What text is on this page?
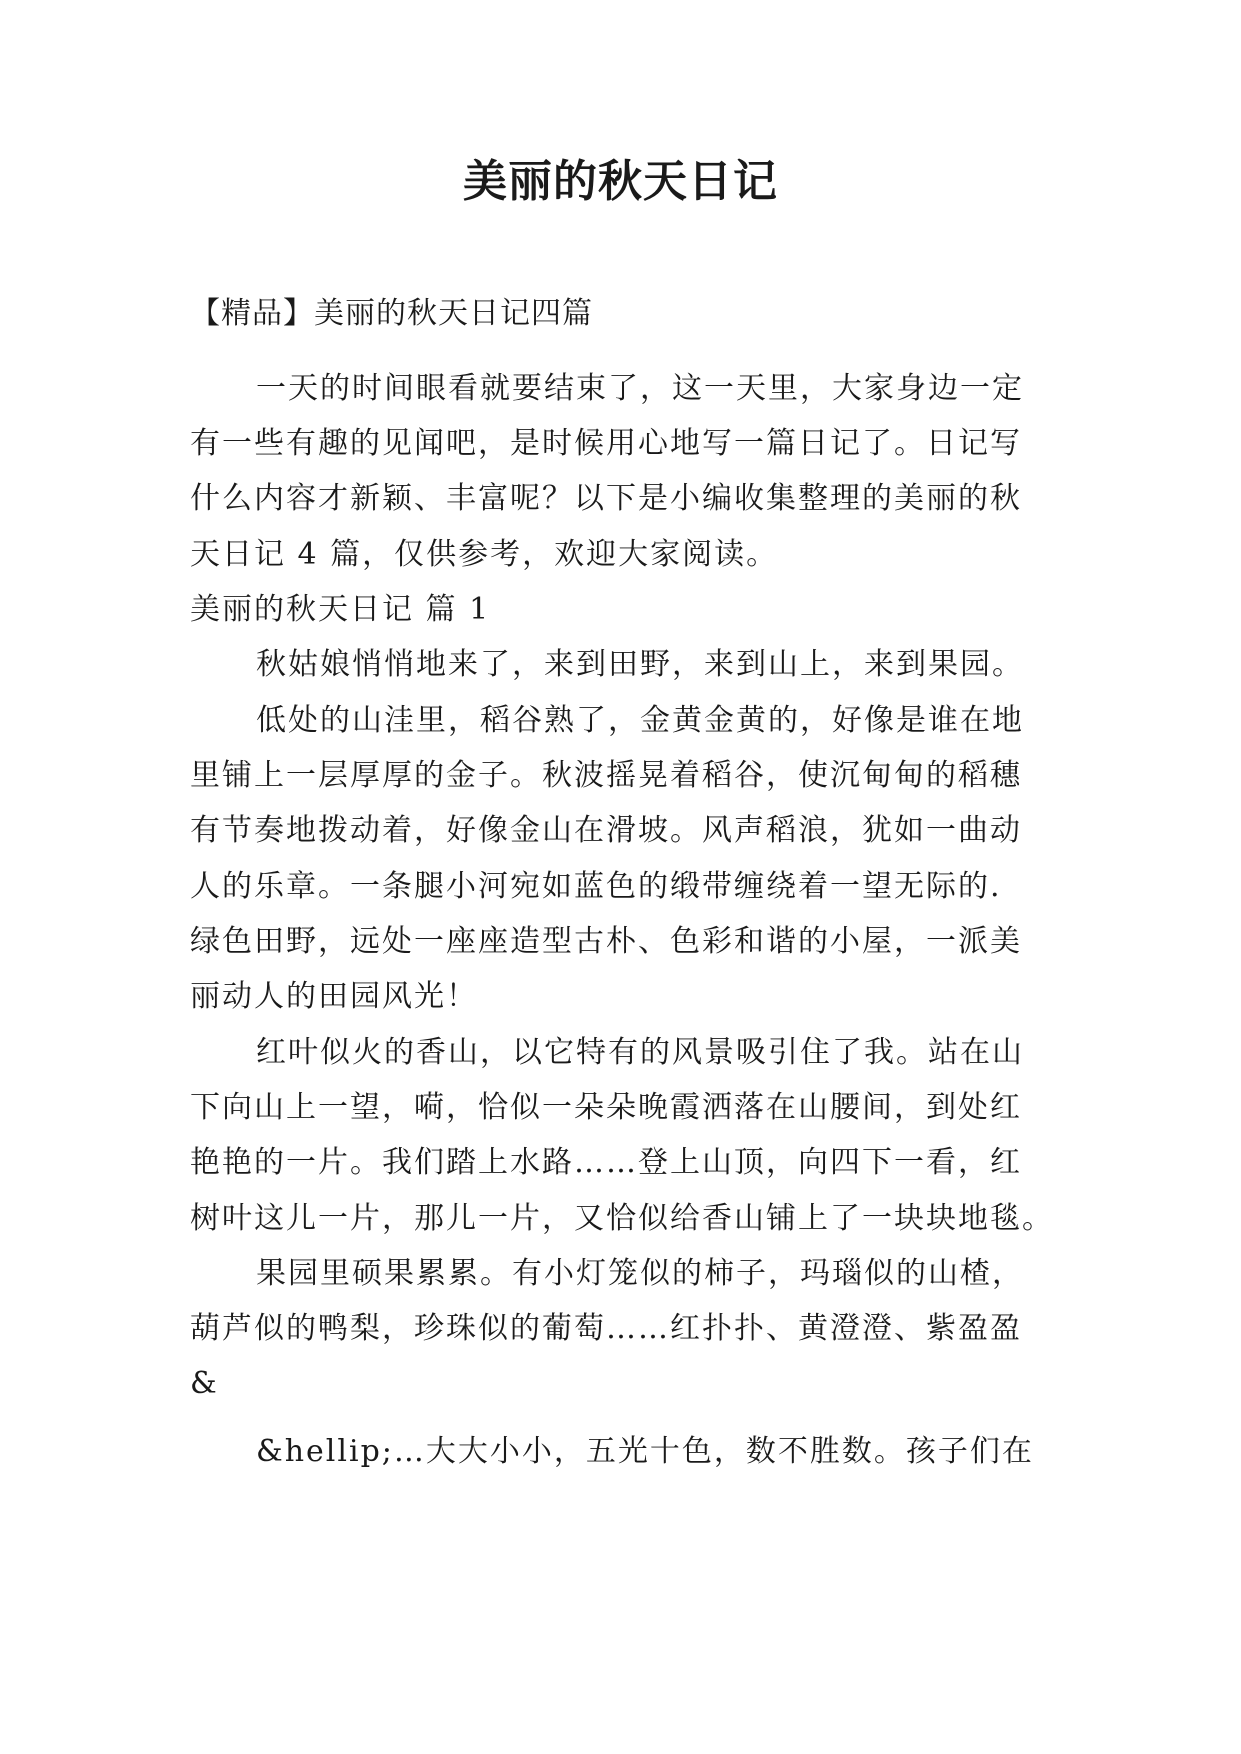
美丽的秋天日记
【精品】美丽的秋天日记四篇
一天的时间眼看就要结束了，这一天里，大家身边一定
有一些有趣的见闻吧，是时候用心地写一篇日记了。日记写
什么内容才新颖、丰富呢？以下是小编收集整理的美丽的秋
天日记 4 篇，仅供参考，欢迎大家阅读。
美丽的秋天日记 篇 1
秋姑娘悄悄地来了，来到田野，来到山上，来到果园。
低处的山洼里，稻谷熟了，金黄金黄的，好像是谁在地
里铺上一层厚厚的金子。秋波摇晃着稻谷，使沉甸甸的稻穗
有节奏地拨动着，好像金山在滑坡。风声稻浪，犹如一曲动
人的乐章。一条腿小河宛如蓝色的缎带缠绕着一望无际的.
绿色田野，远处一座座造型古朴、色彩和谐的小屋，一派美
丽动人的田园风光！
红叶似火的香山，以它特有的风景吸引住了我。站在山
下向山上一望，嗬，恰似一朵朵晚霞洒落在山腰间，到处红
艳艳的一片。我们踏上水路……登上山顶，向四下一看，红
树叶这儿一片，那儿一片，又恰似给香山铺上了一块块地毯。
果园里硕果累累。有小灯笼似的柿子，玛瑙似的山楂，
葫芦似的鸭梨，珍珠似的葡萄……红扑扑、黄澄澄、紫盈盈
&
&hellip;…大大小小，五光十色，数不胜数。孩子们在
